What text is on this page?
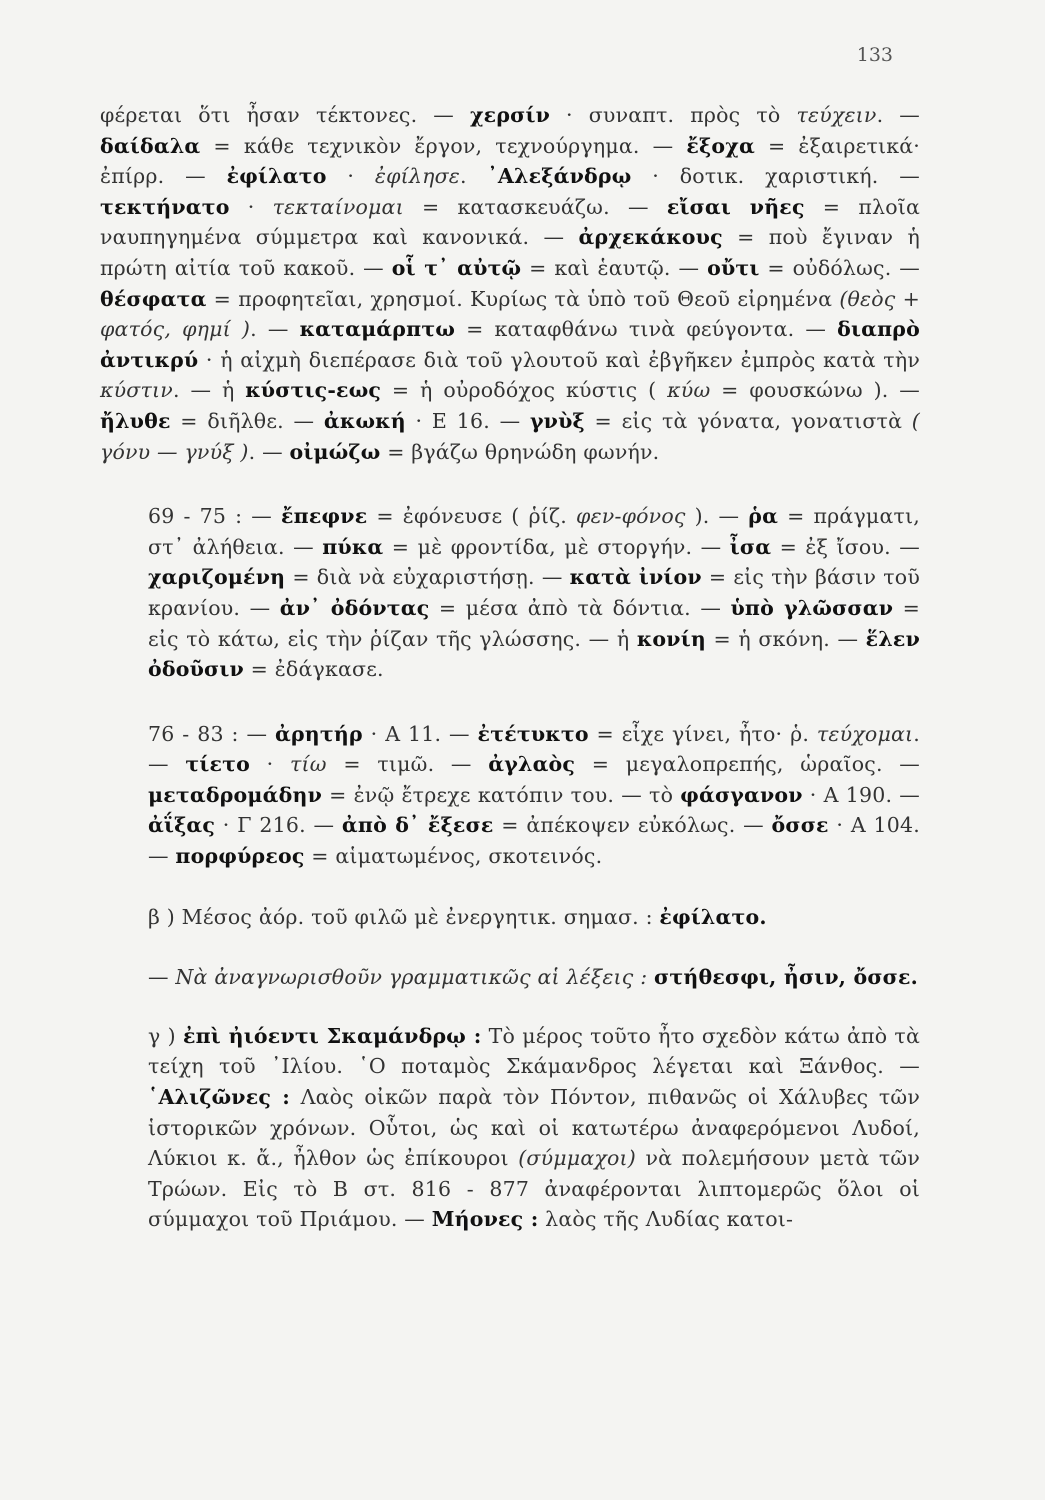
133

φέρεται ὅτι ἦσαν τέκτονες. — χερσίν · συναπτ. πρὸς τὸ τεύχειν. — δαίδαλα = κάθε τεχνικὸν ἔργον, τεχνούργημα. — ἔξοχα = ἐξαιρετικά· ἐπίρρ. — ἐφίλατο · ἐφίλησε. ᾿Αλεξάνδρῳ · δοτικ. χαριστική. — τεκτήνατο · τεκταίνομαι = κατασκευάζω. — εἴσαι νῆες = πλοῖα ναυπηγημένα σύμμετρα καὶ κανονικά. — ἀρχεκάκους = ποὺ ἔγιναν ἡ πρώτη αἰτία τοῦ κακοῦ. — οἷ τ᾿ αὐτῷ = καὶ ἑαυτῷ. — οὔτι = οὐδόλως. — θέσφατα = προφητεῖαι, χρησμοί. Κυρίως τὰ ὑπὸ τοῦ Θεοῦ εἰρημένα (θεὸς + φατός, φημί ). — καταμάρπτω = καταφθάνω τινὰ φεύγοντα. — διαπρὸ ἀντικρύ · ἡ αἰχμὴ διεπέρασε διὰ τοῦ γλουτοῦ καὶ ἐβγῆκεν ἐμπρὸς κατὰ τὴν κύστιν. — ἡ κύστις-εως = ἡ οὐροδόχος κύστις ( κύω = φουσκώνω ). — ἤλυθε = διῆλθε. — ἀκωκή · Ε 16. — γνὺξ = εἰς τὰ γόνατα, γονατιστὰ ( γόνυ — γνύξ ). — οἰμώζω = βγάζω θρηνώδη φωνήν.

69 - 75 : — ἔπεφνε = ἐφόνευσε ( ῥίζ. φεν-φόνος ). — ῥα = πράγματι, στ᾿ ἀλήθεια. — πύκα = μὲ φροντίδα, μὲ στοργήν. — ἶσα = ἐξ ἴσου. — χαριζομένη = διὰ νὰ εὐχαριστήσῃ. — κατὰ ἰνίον = εἰς τὴν βάσιν τοῦ κρανίου. — ἀν᾿ ὀδόντας = μέσα ἀπὸ τὰ δόντια. — ὑπὸ γλῶσσαν = εἰς τὸ κάτω, εἰς τὴν ῥίζαν τῆς γλώσσης. — ἡ κονίη = ἡ σκόνη. — ἕλεν ὀδοῦσιν = ἐδάγκασε.

76 - 83 : — ἀρητήρ · Α 11. — ἐτέτυκτο = εἶχε γίνει, ἦτο· ῥ. τεύχομαι. — τίετο · τίω = τιμῶ. — ἀγλαὸς = μεγαλοπρεπής, ὡραῖος. — μεταδρομάδην = ἐνῷ ἔτρεχε κατόπιν του. — τὸ φάσγανον · Α 190. — ἀΐξας · Γ 216. — ἀπὸ δ᾿ ἔξεσε = ἀπέκοψεν εὐκόλως. — ὄσσε · Α 104. — πορφύρεος = αἱματωμένος, σκοτεινός.

β ) Μέσος ἀόρ. τοῦ φιλῶ μὲ ἐνεργητικ. σημασ. : ἐφίλατο.

— Νὰ ἀναγνωρισθοῦν γραμματικῶς αἱ λέξεις : στήθεσφι, ἦσιν, ὄσσε.

γ ) ἐπὶ ἠιόεντι Σκαμάνδρῳ : Τὸ μέρος τοῦτο ἦτο σχεδὸν κάτω ἀπὸ τὰ τείχη τοῦ ᾿Ιλίου. ῾Ο ποταμὸς Σκάμανδρος λέγεται καὶ Ξάνθος. — ῾Αλιζῶνες : Λαὸς οἰκῶν παρὰ τὸν Πόντον, πιθανῶς οἱ Χάλυβες τῶν ἱστορικῶν χρόνων. Οὗτοι, ὡς καὶ οἱ κατωτέρω ἀναφερόμενοι Λυδοί, Λύκιοι κ. ἄ., ἦλθον ὡς ἐπίκουροι (σύμμαχοι) νὰ πολεμήσουν μετὰ τῶν Τρώων. Εἰς τὸ Β στ. 816 - 877 ἀναφέρονται λιπτομερῶς ὅλοι οἱ σύμμαχοι τοῦ Πριάμου. — Μήονες : λαὸς τῆς Λυδίας κατοι-
